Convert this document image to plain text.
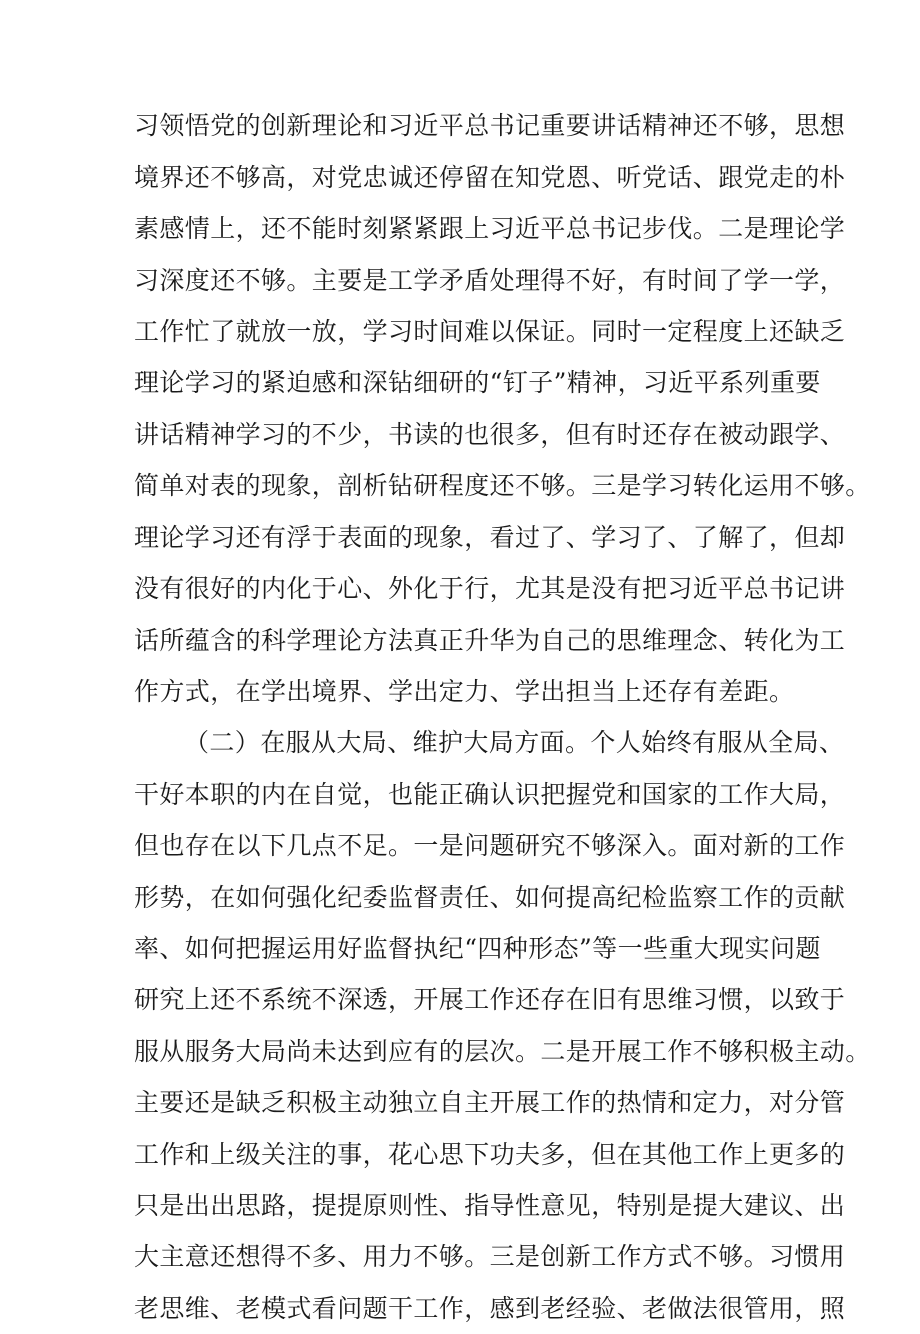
习领悟党的创新理论和习近平总书记重要讲话精神还不够，思想
境界还不够高，对党忠诚还停留在知党恩、听党话、跟党走的朴
素感情上，还不能时刻紧紧跟上习近平总书记步伐。二是理论学
习深度还不够。主要是工学矛盾处理得不好，有时间了学一学，
工作忙了就放一放，学习时间难以保证。同时一定程度上还缺乏
理论学习的紧迫感和深钻细研的“钉子”精神，习近平系列重要
讲话精神学习的不少，书读的也很多，但有时还存在被动跟学、
简单对表的现象，剖析钻研程度还不够。三是学习转化运用不够。
理论学习还有浮于表面的现象，看过了、学习了、了解了，但却
没有很好的内化于心、外化于行，尤其是没有把习近平总书记讲
话所蕴含的科学理论方法真正升华为自己的思维理念、转化为工
作方式，在学出境界、学出定力、学出担当上还存有差距。
（二）在服从大局、维护大局方面。个人始终有服从全局、
干好本职的内在自觉，也能正确认识把握党和国家的工作大局，
但也存在以下几点不足。一是问题研究不够深入。面对新的工作
形势，在如何强化纪委监督责任、如何提高纪检监察工作的贡献
率、如何把握运用好监督执纪“四种形态”等一些重大现实问题
研究上还不系统不深透，开展工作还存在旧有思维习惯，以致于
服从服务大局尚未达到应有的层次。二是开展工作不够积极主动。
主要还是缺乏积极主动独立自主开展工作的热情和定力，对分管
工作和上级关注的事，花心思下功夫多，但在其他工作上更多的
只是出出思路，提提原则性、指导性意见，特别是提大建议、出
大主意还想得不多、用力不够。三是创新工作方式不够。习惯用
老思维、老模式看问题干工作，感到老经验、老做法很管用，照
